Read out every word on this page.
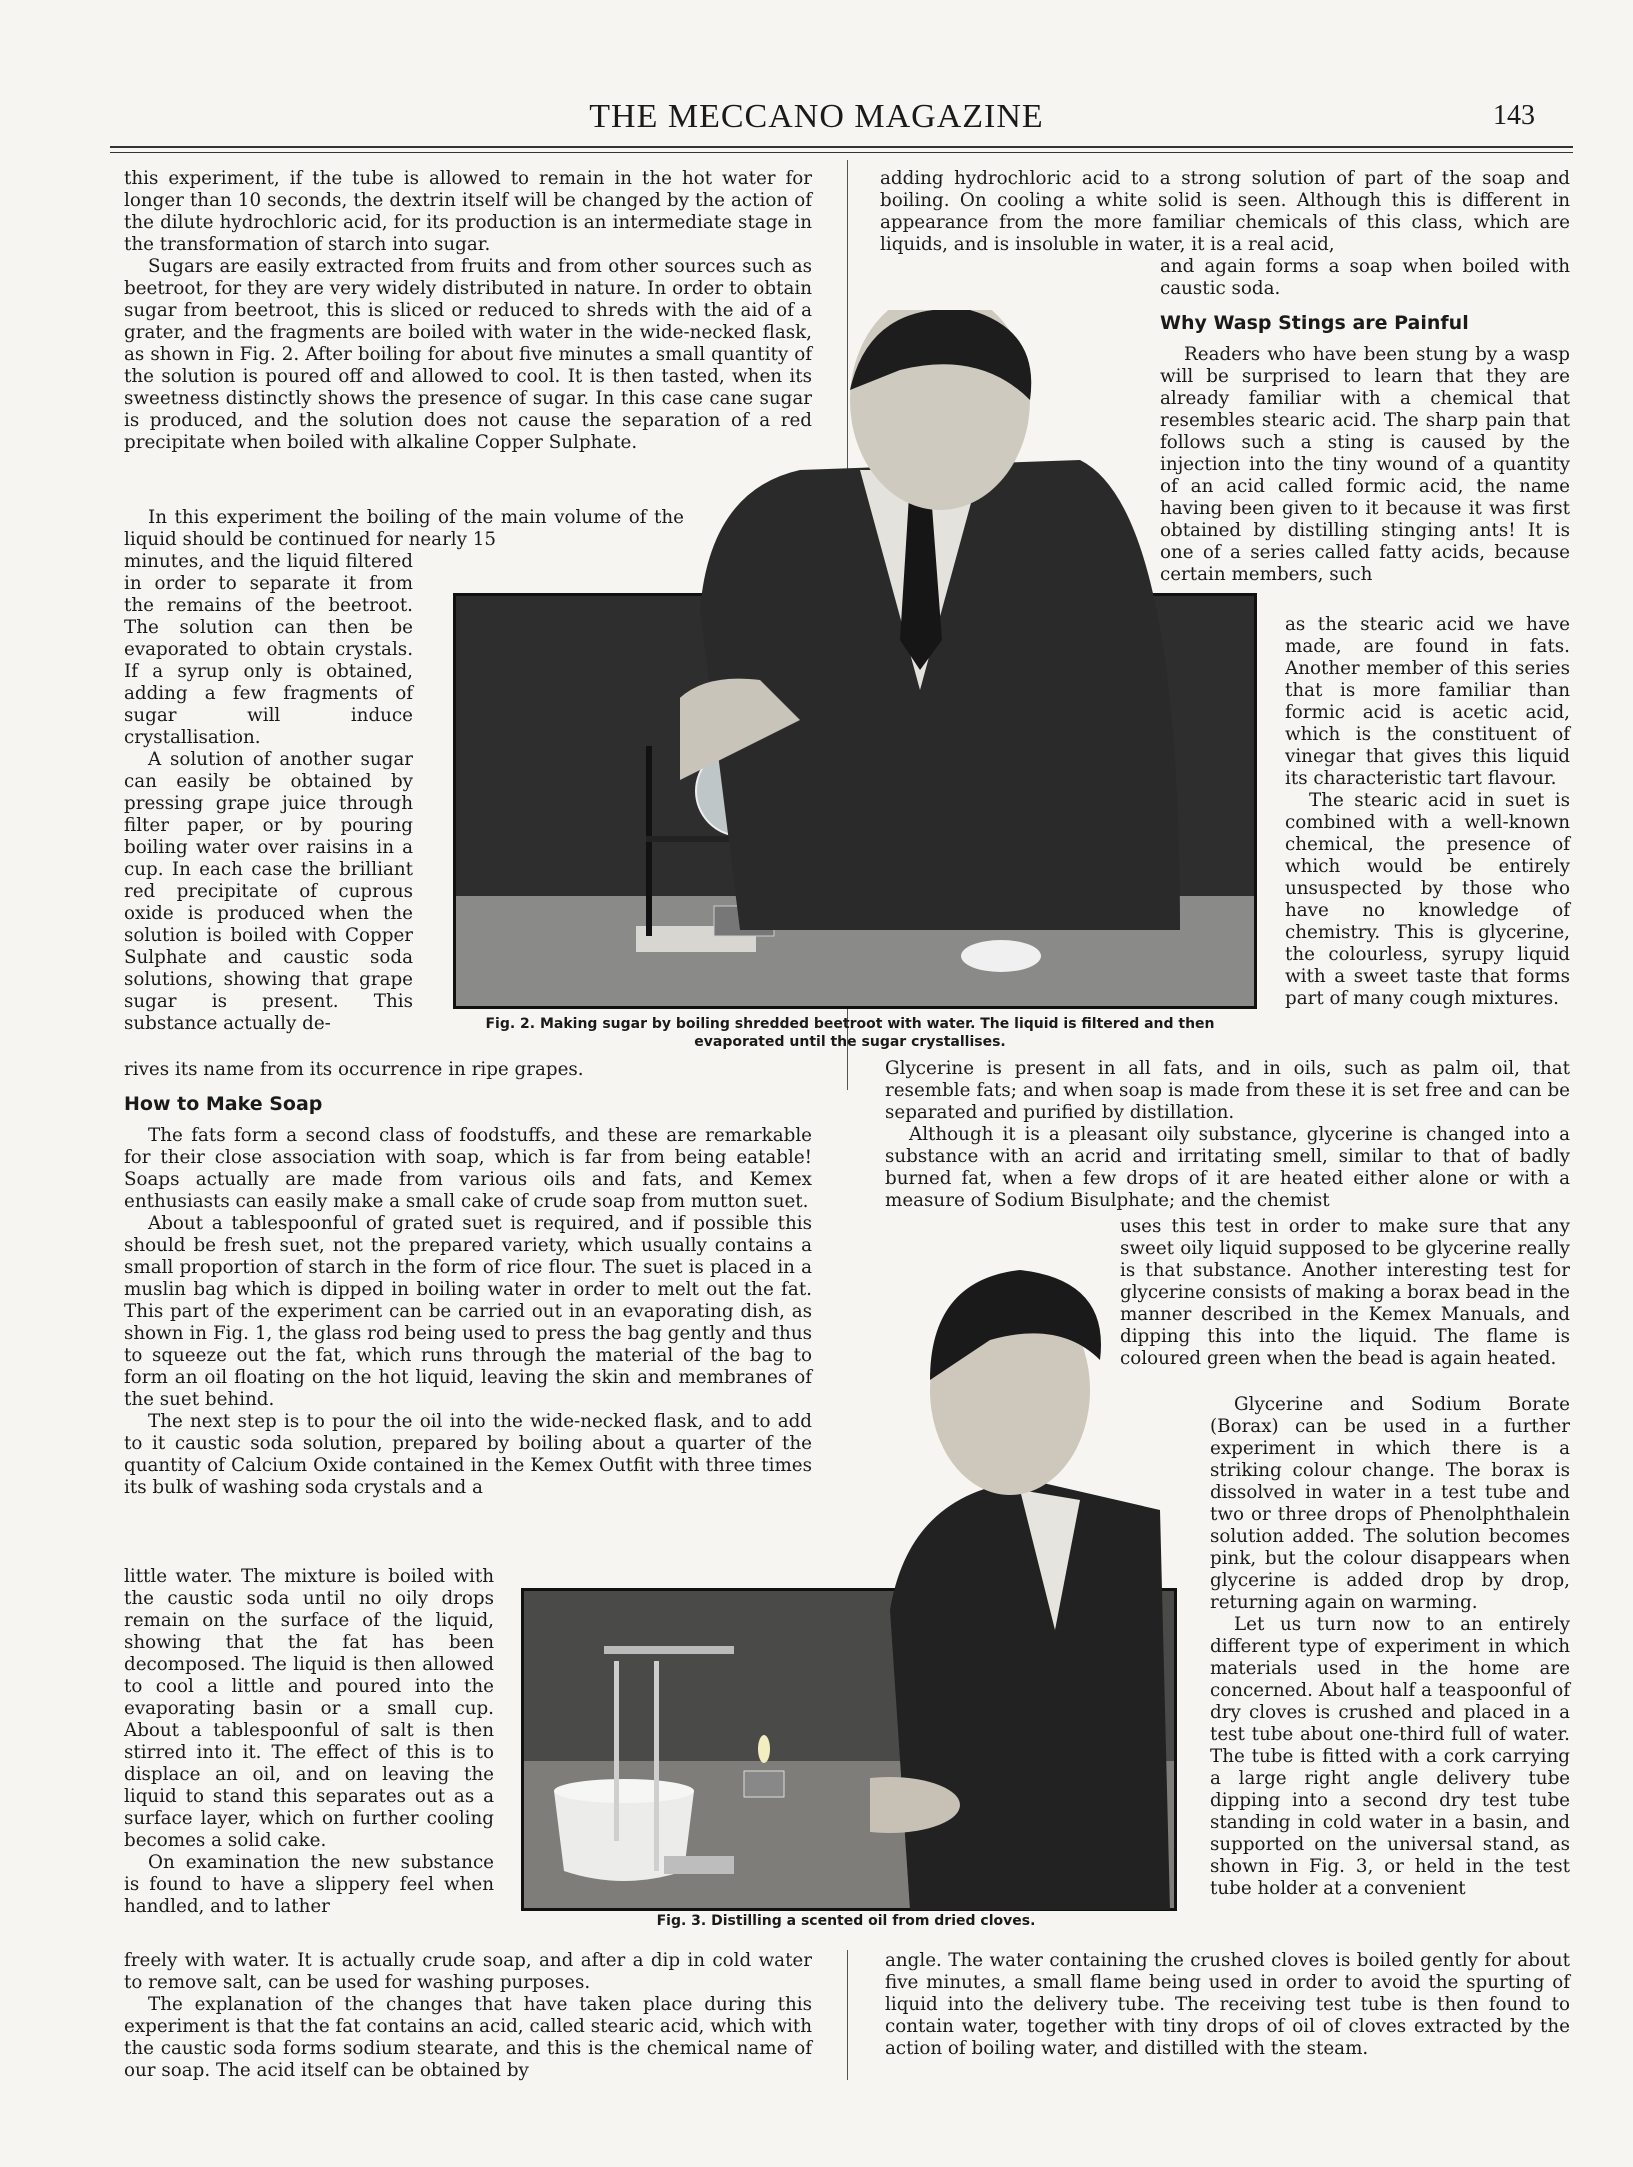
THE MECCANO MAGAZINE	143

this experiment, if the tube is allowed to remain in the hot water for longer than 10 seconds, the dextrin itself will be changed by the action of the dilute hydrochloric acid, for its production is an intermediate stage in the transformation of starch into sugar.

Sugars are easily extracted from fruits and from other sources such as beetroot, for they are very widely distributed in nature. In order to obtain sugar from beetroot, this is sliced or reduced to shreds with the aid of a grater, and the fragments are boiled with water in the wide-necked flask, as shown in Fig. 2. After boiling for about five minutes a small quantity of the solution is poured off and allowed to cool. It is then tasted, when its sweetness distinctly shows the presence of sugar. In this case cane sugar is produced, and the solution does not cause the separation of a red precipitate when boiled with alkaline Copper Sulphate.

In this experiment the boiling of the main volume of the liquid should be continued for nearly 15

minutes, and the liquid filtered in order to separate it from the remains of the beetroot. The solution can then be evaporated to obtain crystals. If a syrup only is obtained, adding a few fragments of sugar will induce crystallisation.

A solution of another sugar can easily be obtained by pressing grape juice through filter paper, or by pouring boiling water over raisins in a cup. In each case the brilliant red precipitate of cuprous oxide is produced when the solution is boiled with Copper Sulphate and caustic soda solutions, showing that grape sugar is present. This substance actually de-

rives its name from its occurrence in ripe grapes.

How to Make Soap

The fats form a second class of foodstuffs, and these are remarkable for their close association with soap, which is far from being eatable! Soaps actually are made from various oils and fats, and Kemex enthusiasts can easily make a small cake of crude soap from mutton suet.

About a tablespoonful of grated suet is required, and if possible this should be fresh suet, not the prepared variety, which usually contains a small proportion of starch in the form of rice flour. The suet is placed in a muslin bag which is dipped in boiling water in order to melt out the fat. This part of the experiment can be carried out in an evaporating dish, as shown in Fig. 1, the glass rod being used to press the bag gently and thus to squeeze out the fat, which runs through the material of the bag to form an oil floating on the hot liquid, leaving the skin and membranes of the suet behind.

The next step is to pour the oil into the wide-necked flask, and to add to it caustic soda solution, prepared by boiling about a quarter of the quantity of Calcium Oxide contained in the Kemex Outfit with three times its bulk of washing soda crystals and a

little water. The mixture is boiled with the caustic soda until no oily drops remain on the surface of the liquid, showing that the fat has been decomposed. The liquid is then allowed to cool a little and poured into the evaporating basin or a small cup. About a tablespoonful of salt is then stirred into it. The effect of this is to displace an oil, and on leaving the liquid to stand this separates out as a surface layer, which on further cooling becomes a solid cake.

On examination the new substance is found to have a slippery feel when handled, and to lather

freely with water. It is actually crude soap, and after a dip in cold water to remove salt, can be used for washing purposes.

The explanation of the changes that have taken place during this experiment is that the fat contains an acid, called stearic acid, which with the caustic soda forms sodium stearate, and this is the chemical name of our soap. The acid itself can be obtained by

adding hydrochloric acid to a strong solution of part of the soap and boiling. On cooling a white solid is seen. Although this is different in appearance from the more familiar chemicals of this class, which are liquids, and is insoluble in water, it is a real acid,

and again forms a soap when boiled with caustic soda.

Why Wasp Stings are Painful

Readers who have been stung by a wasp will be surprised to learn that they are already familiar with a chemical that resembles stearic acid. The sharp pain that follows such a sting is caused by the injection into the tiny wound of a quantity of an acid called formic acid, the name having been given to it because it was first obtained by distilling stinging ants! It is one of a series called fatty acids, because certain members, such

as the stearic acid we have made, are found in fats. Another member of this series that is more familiar than formic acid is acetic acid, which is the constituent of vinegar that gives this liquid its characteristic tart flavour.

The stearic acid in suet is combined with a well-known chemical, the presence of which would be entirely unsuspected by those who have no knowledge of chemistry. This is glycerine, the colourless, syrupy liquid with a sweet taste that forms part of many cough mixtures.

Glycerine is present in all fats, and in oils, such as palm oil, that resemble fats; and when soap is made from these it is set free and can be separated and purified by distillation.

Although it is a pleasant oily substance, glycerine is changed into a substance with an acrid and irritating smell, similar to that of badly burned fat, when a few drops of it are heated either alone or with a measure of Sodium Bisulphate; and the chemist

uses this test in order to make sure that any sweet oily liquid supposed to be glycerine really is that substance. Another interesting test for glycerine consists of making a borax bead in the manner described in the Kemex Manuals, and dipping this into the liquid. The flame is coloured green when the bead is again heated.

Glycerine and Sodium Borate (Borax) can be used in a further experiment in which there is a striking colour change. The borax is dissolved in water in a test tube and two or three drops of Phenolphthalein solution added. The solution becomes pink, but the colour disappears when glycerine is added drop by drop, returning again on warming.

Let us turn now to an entirely different type of experiment in which materials used in the home are concerned. About half a teaspoonful of dry cloves is crushed and placed in a test tube about one-third full of water. The tube is fitted with a cork carrying a large right angle delivery tube dipping into a second dry test tube standing in cold water in a basin, and supported on the universal stand, as shown in Fig. 3, or held in the test tube holder at a convenient

angle. The water containing the crushed cloves is boiled gently for about five minutes, a small flame being used in order to avoid the spurting of liquid into the delivery tube. The receiving test tube is then found to contain water, together with tiny drops of oil of cloves extracted by the action of boiling water, and distilled with the steam.

Fig. 2. Making sugar by boiling shredded beetroot with water. The liquid is filtered and then
evaporated until the sugar crystallises.
Fig. 3. Distilling a scented oil from dried cloves.
